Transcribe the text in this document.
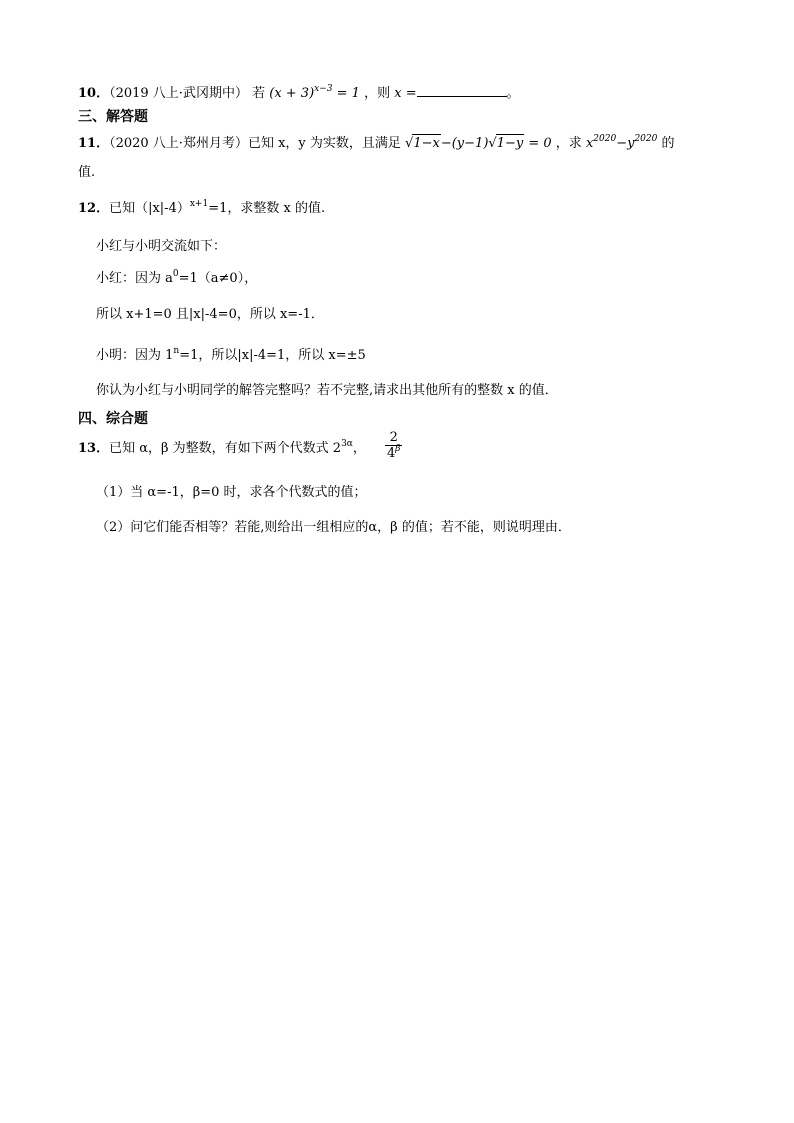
10．（2019 八上·武冈期中） 若 $(x + 3)^{x-3} = 1$ ，则 x =	。
三、解答题
11．（2020 八上·郑州月考）已知 x，y 为实数，且满足 √1−x−(y−1)√1−y = 0 ，求 $x^{2020}-y^{2020}$ 的
值.
12．已知$(|x|-4)^{x+1}=1$，求整数 x 的值.
小红与小明交流如下：
小红：因为 $a^0=1(a\ne 0)$，
所以 x+1=0 且|x|-4=0，所以 x=-1．
小明：因为 $1^n=1$，所以|x|-4=1，所以 x=±5
你认为小红与小明同学的解答完整吗？若不完整,请求出其他所有的整数 x 的值．
四、综合题
13．已知 α，β 为整数，有如下两个代数式 $2^{3\alpha}$， $\frac{2}{4^\beta}$
（1）当 α=-1，β=0 时，求各个代数式的值；
（2）问它们能否相等？若能,则给出一组相应的α，β 的值；若不能，则说明理由．
